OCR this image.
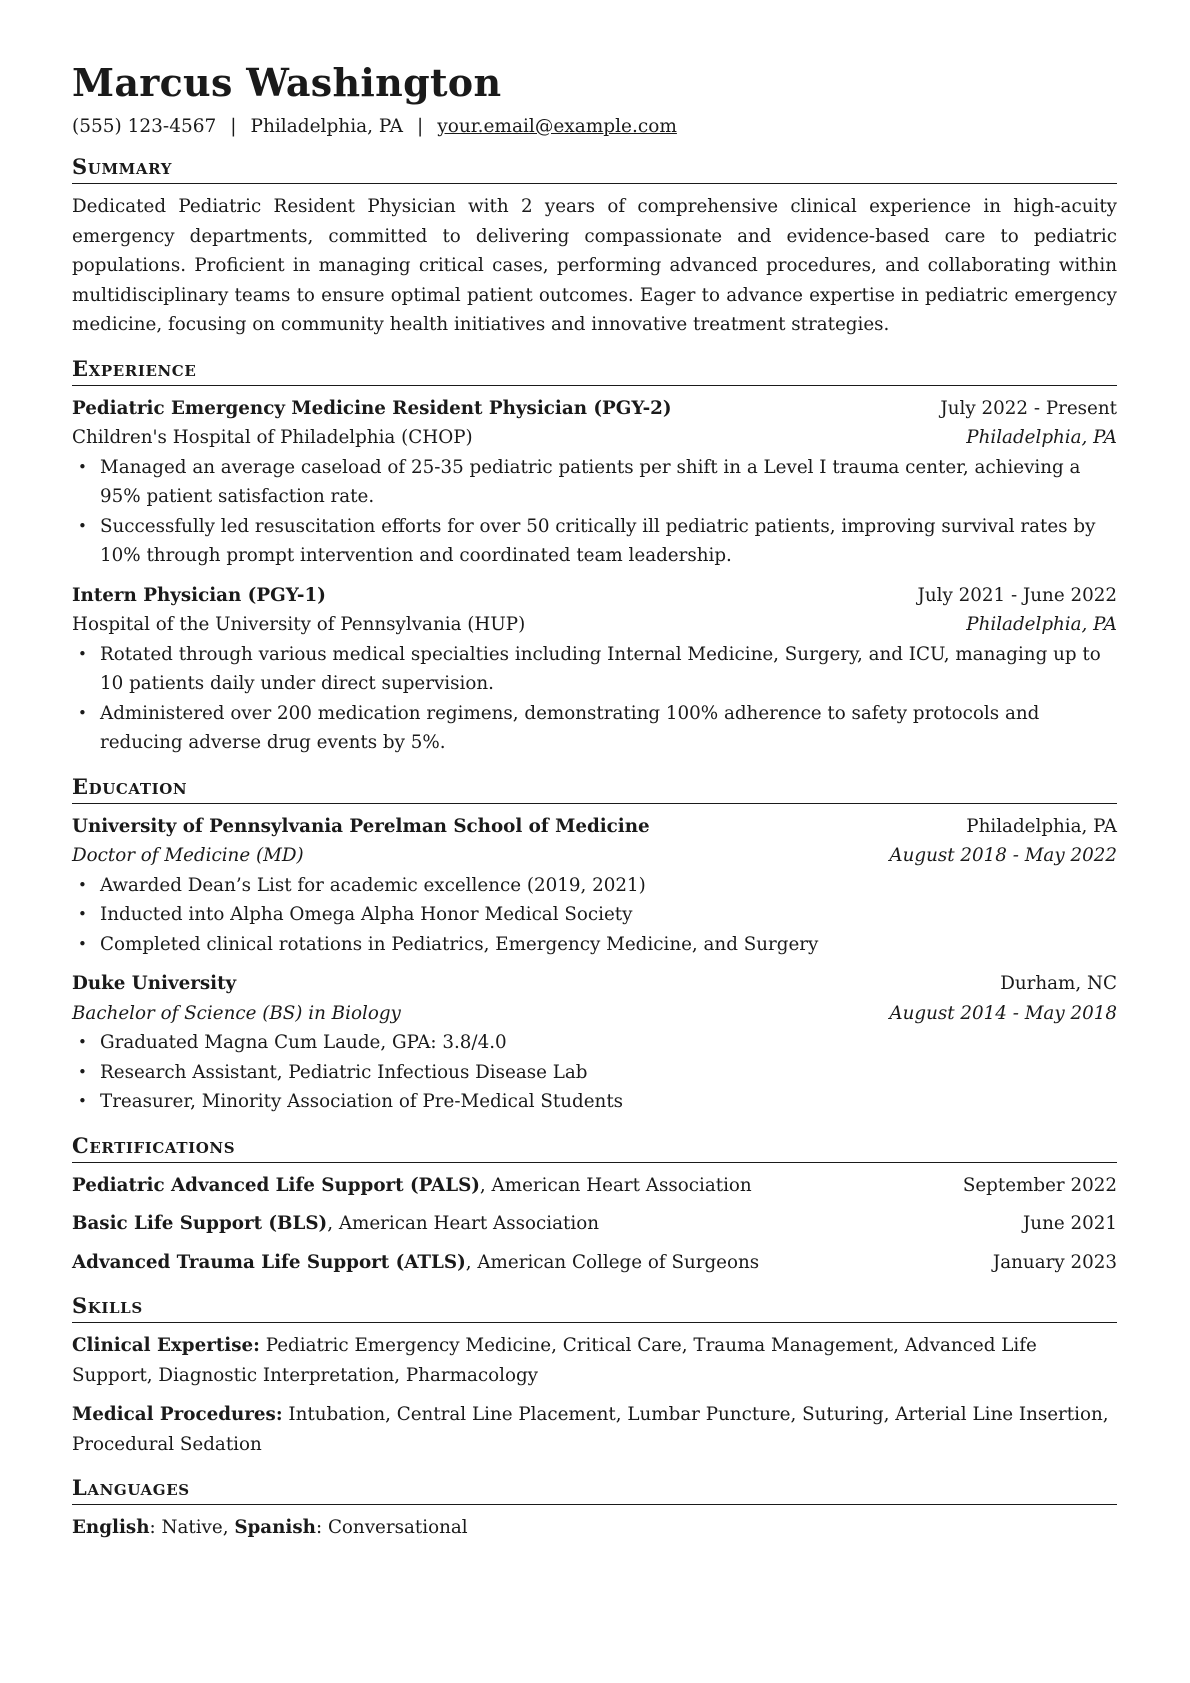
Marcus Washington
(555) 123-4567 | Philadelphia, PA | your.email@example.com
Summary
Dedicated Pediatric Resident Physician with 2 years of comprehensive clinical experience in high-acuity emergency departments, committed to delivering compassionate and evidence-based care to pediatric populations. Proficient in managing critical cases, performing advanced procedures, and collaborating within multidisciplinary teams to ensure optimal patient outcomes. Eager to advance expertise in pediatric emergency medicine, focusing on community health initiatives and innovative treatment strategies.
Experience
Pediatric Emergency Medicine Resident Physician (PGY-2)	July 2022 - Present
Children's Hospital of Philadelphia (CHOP)	Philadelphia, PA
• Managed an average caseload of 25-35 pediatric patients per shift in a Level I trauma center, achieving a 95% patient satisfaction rate.
• Successfully led resuscitation efforts for over 50 critically ill pediatric patients, improving survival rates by 10% through prompt intervention and coordinated team leadership.
Intern Physician (PGY-1)	July 2021 - June 2022
Hospital of the University of Pennsylvania (HUP)	Philadelphia, PA
• Rotated through various medical specialties including Internal Medicine, Surgery, and ICU, managing up to 10 patients daily under direct supervision.
• Administered over 200 medication regimens, demonstrating 100% adherence to safety protocols and reducing adverse drug events by 5%.
Education
University of Pennsylvania Perelman School of Medicine	Philadelphia, PA
Doctor of Medicine (MD)	August 2018 - May 2022
• Awarded Dean’s List for academic excellence (2019, 2021)
• Inducted into Alpha Omega Alpha Honor Medical Society
• Completed clinical rotations in Pediatrics, Emergency Medicine, and Surgery
Duke University	Durham, NC
Bachelor of Science (BS) in Biology	August 2014 - May 2018
• Graduated Magna Cum Laude, GPA: 3.8/4.0
• Research Assistant, Pediatric Infectious Disease Lab
• Treasurer, Minority Association of Pre-Medical Students
Certifications
Pediatric Advanced Life Support (PALS), American Heart Association	September 2022
Basic Life Support (BLS), American Heart Association	June 2021
Advanced Trauma Life Support (ATLS), American College of Surgeons	January 2023
Skills
Clinical Expertise: Pediatric Emergency Medicine, Critical Care, Trauma Management, Advanced Life Support, Diagnostic Interpretation, Pharmacology
Medical Procedures: Intubation, Central Line Placement, Lumbar Puncture, Suturing, Arterial Line Insertion, Procedural Sedation
Languages
English: Native, Spanish: Conversational
